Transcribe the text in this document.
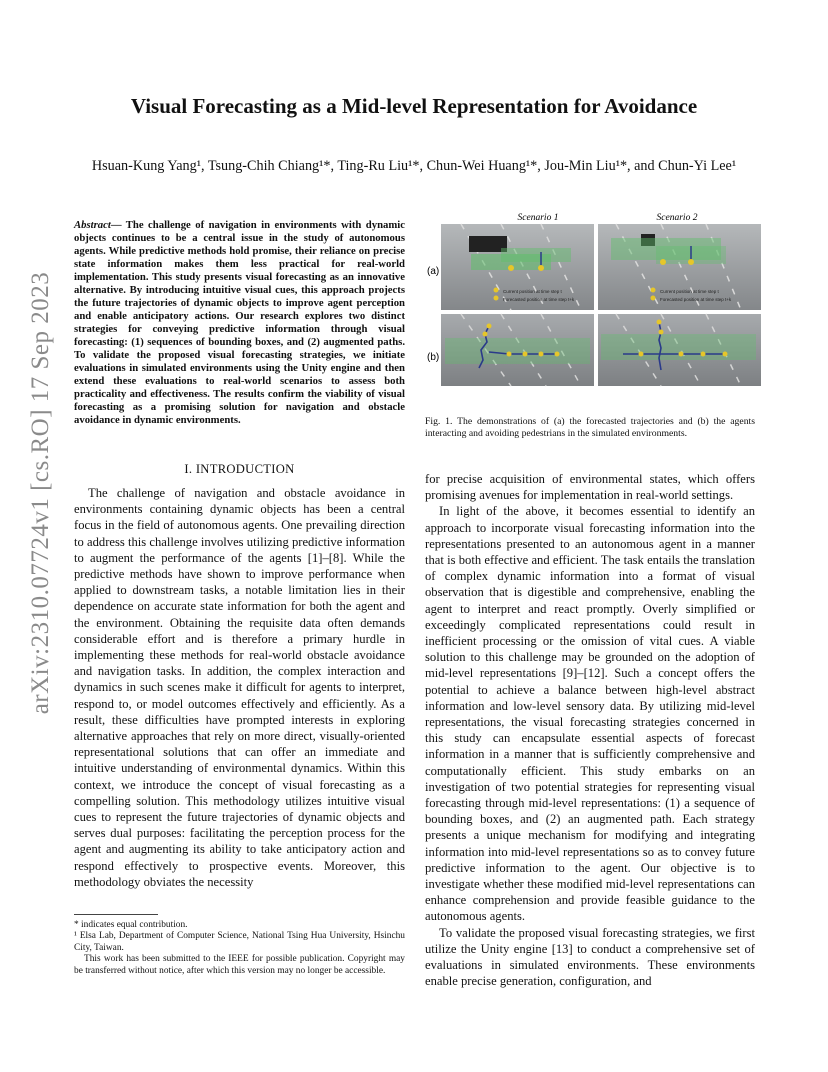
arXiv:2310.07724v1 [cs.RO] 17 Sep 2023
Visual Forecasting as a Mid-level Representation for Avoidance

Hsuan-Kung Yang¹, Tsung-Chih Chiang¹*, Ting-Ru Liu¹*, Chun-Wei Huang¹*, Jou-Min Liu¹*, and Chun-Yi Lee¹

Abstract— The challenge of navigation in environments with dynamic objects continues to be a central issue in the study of autonomous agents. While predictive methods hold promise, their reliance on precise state information makes them less practical for real-world implementation. This study presents visual forecasting as an innovative alternative. By introducing intuitive visual cues, this approach projects the future trajectories of dynamic objects to improve agent perception and enable anticipatory actions. Our research explores two distinct strategies for conveying predictive information through visual forecasting: (1) sequences of bounding boxes, and (2) augmented paths. To validate the proposed visual forecasting strategies, we initiate evaluations in simulated environments using the Unity engine and then extend these evaluations to real-world scenarios to assess both practicality and effectiveness. The results confirm the viability of visual forecasting as a promising solution for navigation and obstacle avoidance in dynamic environments.
I. INTRODUCTION

The challenge of navigation and obstacle avoidance in environments containing dynamic objects has been a central focus in the field of autonomous agents. One prevailing direction to address this challenge involves utilizing predictive information to augment the performance of the agents [1]–[8]. While the predictive methods have shown to improve performance when applied to downstream tasks, a notable limitation lies in their dependence on accurate state information for both the agent and the environment. Obtaining the requisite data often demands considerable effort and is therefore a primary hurdle in implementing these methods for real-world obstacle avoidance and navigation tasks. In addition, the complex interaction and dynamics in such scenes make it difficult for agents to interpret, respond to, or model outcomes effectively and efficiently. As a result, these difficulties have prompted interests in exploring alternative approaches that rely on more direct, visually-oriented representational solutions that can offer an immediate and intuitive understanding of environmental dynamics. Within this context, we introduce the concept of visual forecasting as a compelling solution. This methodology utilizes intuitive visual cues to represent the future trajectories of dynamic objects and serves dual purposes: facilitating the perception process for the agent and augmenting its ability to take anticipatory action and respond effectively to prospective events. Moreover, this methodology obviates the necessity

* indicates equal contribution.

¹ Elsa Lab, Department of Computer Science, National Tsing Hua University, Hsinchu City, Taiwan.

This work has been submitted to the IEEE for possible publication. Copyright may be transferred without notice, after which this version may no longer be accessible.

Scenario 1	Scenario 2
(a)
(b)
Current position at time step t
Forecasted position at time step t+k
Current position at time step t
Forecasted position at time step t+k
Fig. 1. The demonstrations of (a) the forecasted trajectories and (b) the agents interacting and avoiding pedestrians in the simulated environments.

for precise acquisition of environmental states, which offers promising avenues for implementation in real-world settings.

In light of the above, it becomes essential to identify an approach to incorporate visual forecasting information into the representations presented to an autonomous agent in a manner that is both effective and efficient. The task entails the translation of complex dynamic information into a format of visual observation that is digestible and comprehensive, enabling the agent to interpret and react promptly. Overly simplified or exceedingly complicated representations could result in inefficient processing or the omission of vital cues. A viable solution to this challenge may be grounded on the adoption of mid-level representations [9]–[12]. Such a concept offers the potential to achieve a balance between high-level abstract information and low-level sensory data. By utilizing mid-level representations, the visual forecasting strategies concerned in this study can encapsulate essential aspects of forecast information in a manner that is sufficiently comprehensive and computationally efficient. This study embarks on an investigation of two potential strategies for representing visual forecasting through mid-level representations: (1) a sequence of bounding boxes, and (2) an augmented path. Each strategy presents a unique mechanism for modifying and integrating information into mid-level representations so as to convey future predictive information to the agent. Our objective is to investigate whether these modified mid-level representations can enhance comprehension and provide feasible guidance to the autonomous agents.

To validate the proposed visual forecasting strategies, we first utilize the Unity engine [13] to conduct a comprehensive set of evaluations in simulated environments. These environments enable precise generation, configuration, and
